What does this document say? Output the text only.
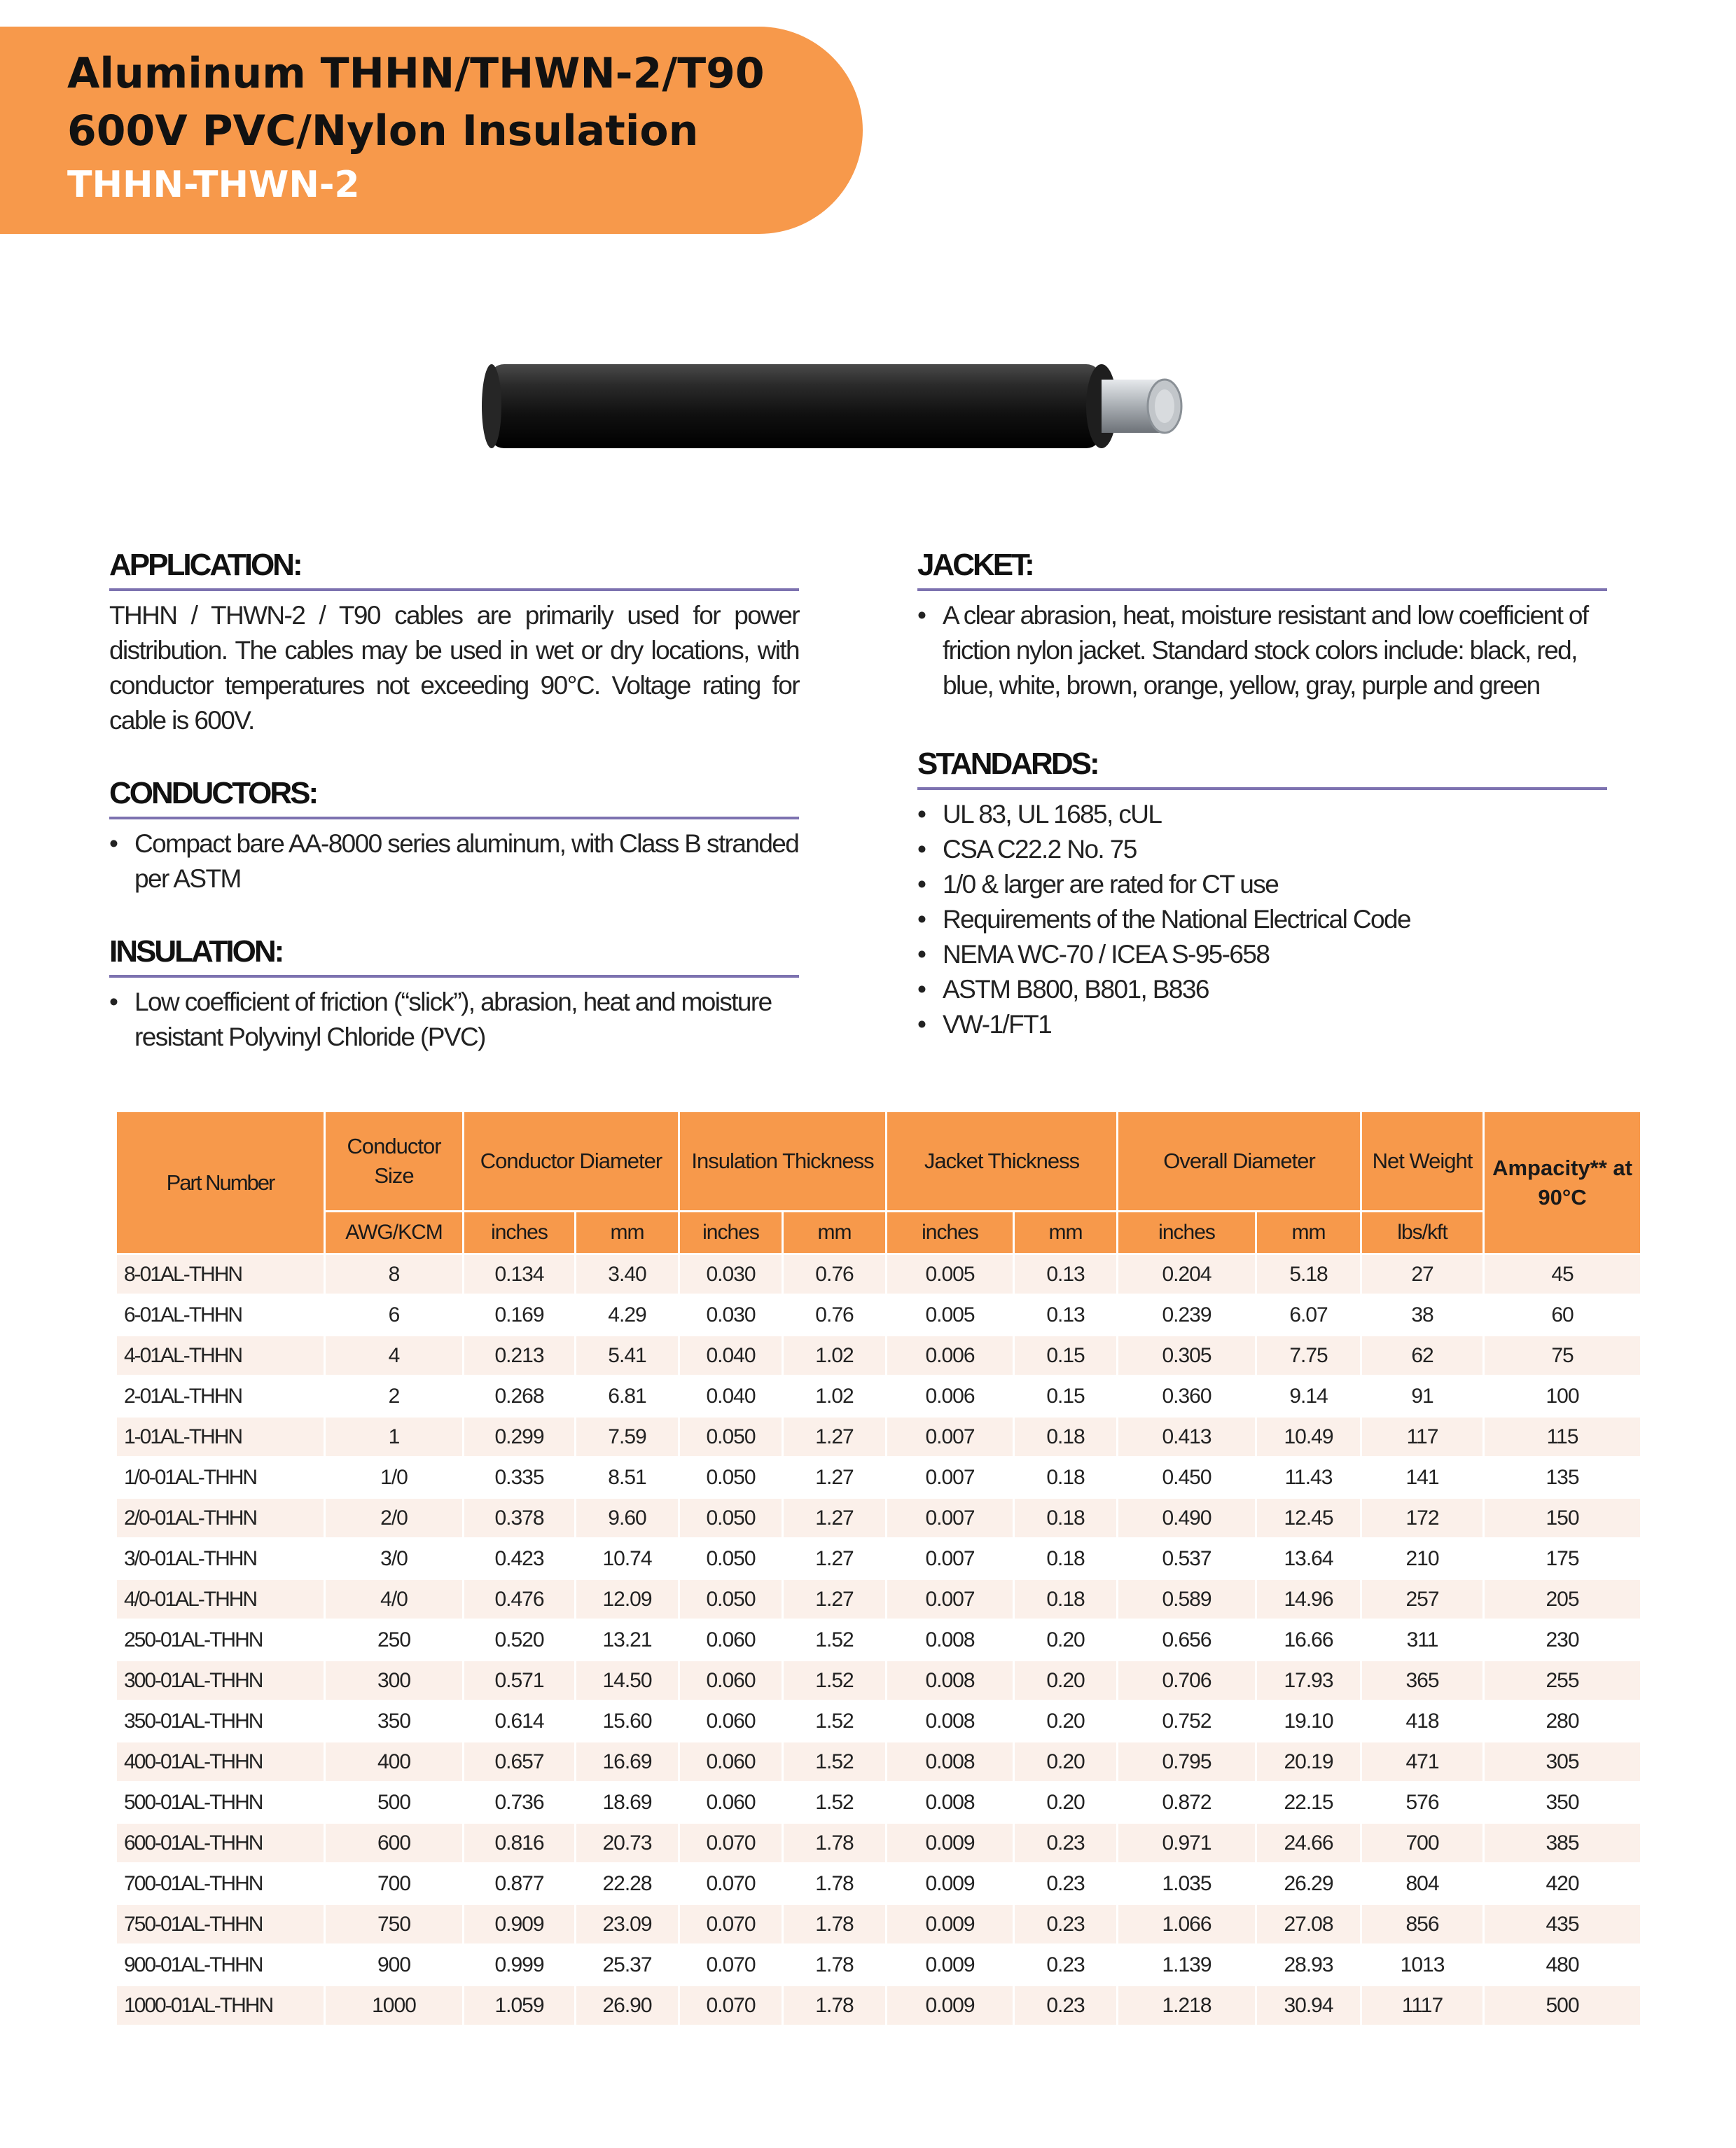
Aluminum THHN/THWN-2/T90
600V PVC/Nylon Insulation
THHN-THWN-2
APPLICATION:

THHN / THWN-2 / T90 cables are primarily used for power distribution. The cables may be used in wet or dry locations, with conductor temperatures not exceeding 90°C. Voltage rating for cable is 600V.

CONDUCTORS:
• Compact bare AA-8000 series aluminum, with Class B stranded per ASTM
INSULATION:
• Low coefficient of friction (“slick”), abrasion, heat and moisture resistant Polyvinyl Chloride (PVC)
JACKET:
• A clear abrasion, heat, moisture resistant and low coefficient of friction nylon jacket. Standard stock colors include: black, red, blue, white, brown, orange, yellow, gray, purple and green
STANDARDS:
• UL 83, UL 1685, cUL
• CSA C22.2 No. 75
• 1/0 & larger are rated for CT use
• Requirements of the National Electrical Code
• NEMA WC-70 / ICEA S-95-658
• ASTM B800, B801, B836
• VW-1/FT1
Part Number	Conductor Size	Conductor Diameter		Insulation Thickness		Jacket Thickness		Overall Diameter		Net Weight	Ampacity** at 90°C
	AWG/KCM	inches	mm	inches	mm	inches	mm	inches	mm	lbs/kft	
8-01AL-THHN	8	0.134	3.40	0.030	0.76	0.005	0.13	0.204	5.18	27	45
6-01AL-THHN	6	0.169	4.29	0.030	0.76	0.005	0.13	0.239	6.07	38	60
4-01AL-THHN	4	0.213	5.41	0.040	1.02	0.006	0.15	0.305	7.75	62	75
2-01AL-THHN	2	0.268	6.81	0.040	1.02	0.006	0.15	0.360	9.14	91	100
1-01AL-THHN	1	0.299	7.59	0.050	1.27	0.007	0.18	0.413	10.49	117	115
1/0-01AL-THHN	1/0	0.335	8.51	0.050	1.27	0.007	0.18	0.450	11.43	141	135
2/0-01AL-THHN	2/0	0.378	9.60	0.050	1.27	0.007	0.18	0.490	12.45	172	150
3/0-01AL-THHN	3/0	0.423	10.74	0.050	1.27	0.007	0.18	0.537	13.64	210	175
4/0-01AL-THHN	4/0	0.476	12.09	0.050	1.27	0.007	0.18	0.589	14.96	257	205
250-01AL-THHN	250	0.520	13.21	0.060	1.52	0.008	0.20	0.656	16.66	311	230
300-01AL-THHN	300	0.571	14.50	0.060	1.52	0.008	0.20	0.706	17.93	365	255
350-01AL-THHN	350	0.614	15.60	0.060	1.52	0.008	0.20	0.752	19.10	418	280
400-01AL-THHN	400	0.657	16.69	0.060	1.52	0.008	0.20	0.795	20.19	471	305
500-01AL-THHN	500	0.736	18.69	0.060	1.52	0.008	0.20	0.872	22.15	576	350
600-01AL-THHN	600	0.816	20.73	0.070	1.78	0.009	0.23	0.971	24.66	700	385
700-01AL-THHN	700	0.877	22.28	0.070	1.78	0.009	0.23	1.035	26.29	804	420
750-01AL-THHN	750	0.909	23.09	0.070	1.78	0.009	0.23	1.066	27.08	856	435
900-01AL-THHN	900	0.999	25.37	0.070	1.78	0.009	0.23	1.139	28.93	1013	480
1000-01AL-THHN	1000	1.059	26.90	0.070	1.78	0.009	0.23	1.218	30.94	1117	500
